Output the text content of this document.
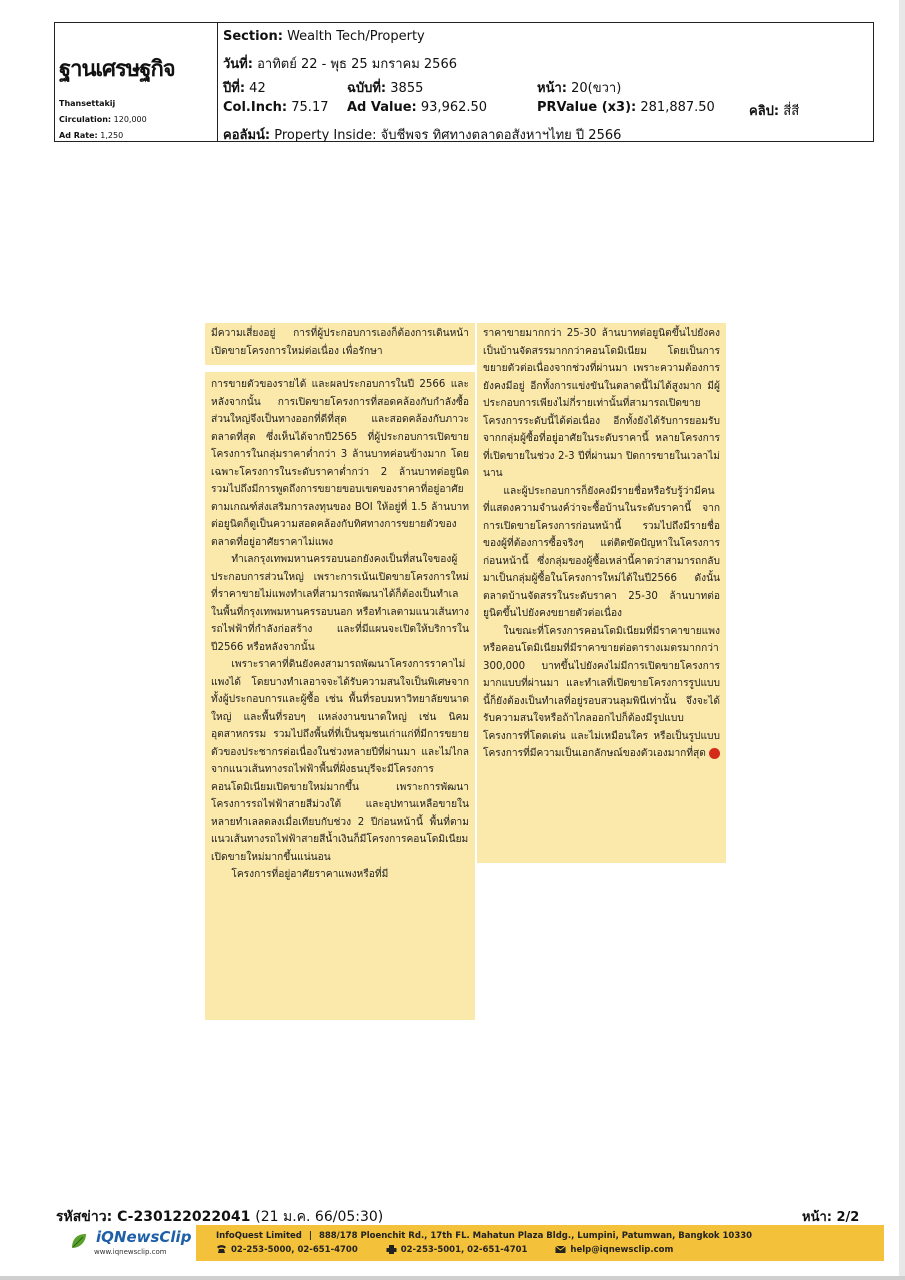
ฐานเศรษฐกิจ
Thansettakij
Circulation: 120,000
Ad Rate: 1,250
Section: Wealth Tech/Property
วันที่: อาทิตย์ 22 - พุธ 25 มกราคม 2566
ปีที่: 42	ฉบับที่: 3855	หน้า: 20(ขวา)
Col.Inch: 75.17 Ad Value: 93,962.50	PRValue (x3): 281,887.50	คลิป: สี่สี
คอลัมน์: Property Inside: จับชีพจร ทิศทางตลาดอสังหาฯไทย ปี 2566

มีความเสี่ยงอยู่ การที่ผู้ประกอบการเองก็ต้องการเดินหน้าเปิดขายโครงการใหม่ต่อเนื่อง เพื่อรักษา

การขายตัวของรายได้ และผลประกอบการในปี 2566 และหลังจากนั้น การเปิดขายโครงการที่สอดคล้องกับกำลังซื้อส่วนใหญ่จึงเป็นทางออกที่ดีที่สุด และสอดคล้องกับภาวะตลาดที่สุด ซึ่งเห็นได้จากปี2565 ที่ผู้ประกอบการเปิดขายโครงการในกลุ่มราคาต่ำกว่า 3 ล้านบาทค่อนข้างมาก โดยเฉพาะโครงการในระดับราคาต่ำกว่า 2 ล้านบาทต่อยูนิต รวมไปถึงมีการพูดถึงการขยายขอบเขตของราคาที่อยู่อาศัยตามเกณฑ์ส่งเสริมการลงทุนของ BOI ให้อยู่ที่ 1.5 ล้านบาทต่อยูนิตก็ดูเป็นความสอดคล้องกับทิศทางการขยายตัวของตลาดที่อยู่อาศัยราคาไม่แพง

ทำเลกรุงเทพมหานครรอบนอกยังคงเป็นที่สนใจของผู้ประกอบการส่วนใหญ่ เพราะการเน้นเปิดขายโครงการใหม่ที่ราคาขายไม่แพงทำเลที่สามารถพัฒนาได้ก็ต้องเป็นทำเลในพื้นที่กรุงเทพมหานครรอบนอก หรือทำเลตามแนวเส้นทางรถไฟฟ้าที่กำลังก่อสร้าง และที่มีแผนจะเปิดให้บริการในปี2566 หรือหลังจากนั้น

เพราะราคาที่ดินยังคงสามารถพัฒนาโครงการราคาไม่แพงได้ โดยบางทำเลอาจจะได้รับความสนใจเป็นพิเศษจากทั้งผู้ประกอบการและผู้ซื้อ เช่น พื้นที่รอบมหาวิทยาลัยขนาดใหญ่ และพื้นที่รอบๆ แหล่งงานขนาดใหญ่ เช่น นิคมอุตสาหกรรม รวมไปถึงพื้นที่ที่เป็นชุมชนเก่าแก่ที่มีการขยายตัวของประชากรต่อเนื่องในช่วงหลายปีที่ผ่านมา และไม่ไกลจากแนวเส้นทางรถไฟฟ้าพื้นที่ฝั่งธนบุรีจะมีโครงการคอนโดมิเนียมเปิดขายใหม่มากขึ้น เพราะการพัฒนาโครงการรถไฟฟ้าสายสีม่วงใต้ และอุปทานเหลือขายในหลายทำเลลดลงเมื่อเทียบกับช่วง 2 ปีก่อนหน้านี้ พื้นที่ตามแนวเส้นทางรถไฟฟ้าสายสีน้ำเงินก็มีโครงการคอนโดมิเนียมเปิดขายใหม่มากขึ้นแน่นอน

โครงการที่อยู่อาศัยราคาแพงหรือที่มี

ราคาขายมากกว่า 25-30 ล้านบาทต่อยูนิตขึ้นไปยังคงเป็นบ้านจัดสรรมากกว่าคอนโดมิเนียม โดยเป็นการขยายตัวต่อเนื่องจากช่วงที่ผ่านมา เพราะความต้องการยังคงมีอยู่ อีกทั้งการแข่งขันในตลาดนี้ไม่ได้สูงมาก มีผู้ประกอบการเพียงไม่กี่รายเท่านั้นที่สามารถเปิดขายโครงการระดับนี้ได้ต่อเนื่อง อีกทั้งยังได้รับการยอมรับจากกลุ่มผู้ซื้อที่อยู่อาศัยในระดับราคานี้ หลายโครงการที่เปิดขายในช่วง 2-3 ปีที่ผ่านมา ปิดการขายในเวลาไม่นาน

และผู้ประกอบการก็ยังคงมีรายชื่อหรือรับรู้ว่ามีคนที่แสดงความจำนงค์ว่าจะซื้อบ้านในระดับราคานี้ จากการเปิดขายโครงการก่อนหน้านี้ รวมไปถึงมีรายชื่อของผู้ที่ต้องการซื้อจริงๆ แต่ติดขัดปัญหาในโครงการก่อนหน้านี้ ซึ่งกลุ่มของผู้ซื้อเหล่านี้คาดว่าสามารถกลับมาเป็นกลุ่มผู้ซื้อในโครงการใหม่ได้ในปี2566 ดังนั้น ตลาดบ้านจัดสรรในระดับราคา 25-30 ล้านบาทต่อยูนิตขึ้นไปยังคงขยายตัวต่อเนื่อง

ในขณะที่โครงการคอนโดมิเนียมที่มีราคาขายแพง หรือคอนโดมิเนียมที่มีราคาขายต่อตารางเมตรมากกว่า 300,000 บาทขึ้นไปยังคงไม่มีการเปิดขายโครงการมากแบบที่ผ่านมา และทำเลที่เปิดขายโครงการรูปแบบนี้ก็ยังต้องเป็นทำเลที่อยู่รอบสวนลุมพินีเท่านั้น จึงจะได้รับความสนใจหรือถ้าไกลออกไปก็ต้องมีรูปแบบโครงการที่โดดเด่น และไม่เหมือนใคร หรือเป็นรูปแบบโครงการที่มีความเป็นเอกลักษณ์ของตัวเองมากที่สุด

รหัสข่าว: C-230122022041 (21 ม.ค. 66/05:30)	หน้า: 2/2
iQNewsClip
www.iqnewsclip.com
InfoQuest Limited | 888/178 Ploenchit Rd., 17th FL. Mahatun Plaza Bldg., Lumpini, Patumwan, Bangkok 10330
02-253-5000, 02-651-4700	02-253-5001, 02-651-4701	help@iqnewsclip.com
